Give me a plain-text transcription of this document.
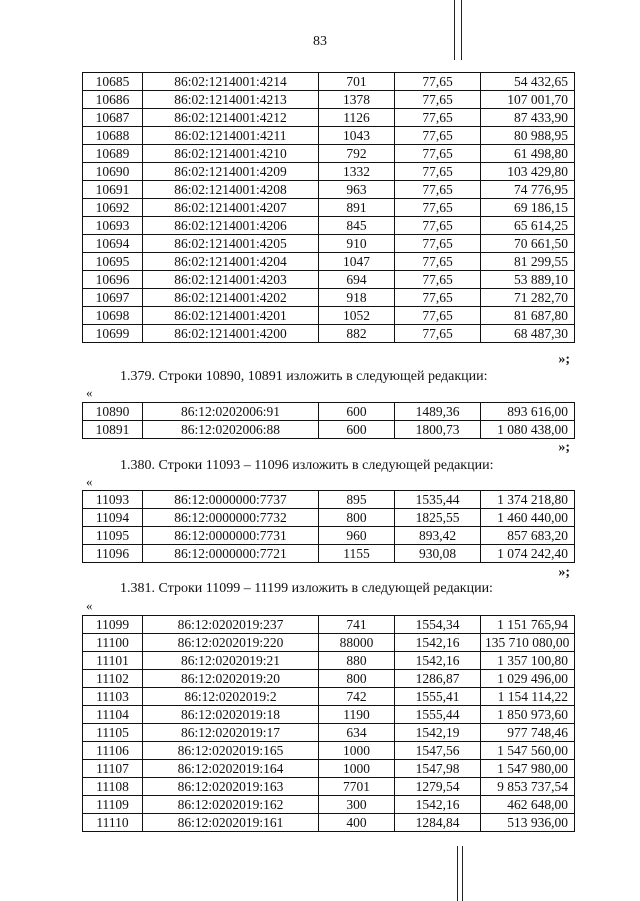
83
10685	86:02:1214001:4214	701	77,65	54 432,65
10686	86:02:1214001:4213	1378	77,65	107 001,70
10687	86:02:1214001:4212	1126	77,65	87 433,90
10688	86:02:1214001:4211	1043	77,65	80 988,95
10689	86:02:1214001:4210	792	77,65	61 498,80
10690	86:02:1214001:4209	1332	77,65	103 429,80
10691	86:02:1214001:4208	963	77,65	74 776,95
10692	86:02:1214001:4207	891	77,65	69 186,15
10693	86:02:1214001:4206	845	77,65	65 614,25
10694	86:02:1214001:4205	910	77,65	70 661,50
10695	86:02:1214001:4204	1047	77,65	81 299,55
10696	86:02:1214001:4203	694	77,65	53 889,10
10697	86:02:1214001:4202	918	77,65	71 282,70
10698	86:02:1214001:4201	1052	77,65	81 687,80
10699	86:02:1214001:4200	882	77,65	68 487,30
»;
1.379. Строки 10890, 10891 изложить в следующей редакции:
«
10890	86:12:0202006:91	600	1489,36	893 616,00
10891	86:12:0202006:88	600	1800,73	1 080 438,00
»;
1.380. Строки 11093 – 11096 изложить в следующей редакции:
«
11093	86:12:0000000:7737	895	1535,44	1 374 218,80
11094	86:12:0000000:7732	800	1825,55	1 460 440,00
11095	86:12:0000000:7731	960	893,42	857 683,20
11096	86:12:0000000:7721	1155	930,08	1 074 242,40
»;
1.381. Строки 11099 – 11199 изложить в следующей редакции:
«
11099	86:12:0202019:237	741	1554,34	1 151 765,94
11100	86:12:0202019:220	88000	1542,16	135 710 080,00
11101	86:12:0202019:21	880	1542,16	1 357 100,80
11102	86:12:0202019:20	800	1286,87	1 029 496,00
11103	86:12:0202019:2	742	1555,41	1 154 114,22
11104	86:12:0202019:18	1190	1555,44	1 850 973,60
11105	86:12:0202019:17	634	1542,19	977 748,46
11106	86:12:0202019:165	1000	1547,56	1 547 560,00
11107	86:12:0202019:164	1000	1547,98	1 547 980,00
11108	86:12:0202019:163	7701	1279,54	9 853 737,54
11109	86:12:0202019:162	300	1542,16	462 648,00
11110	86:12:0202019:161	400	1284,84	513 936,00
